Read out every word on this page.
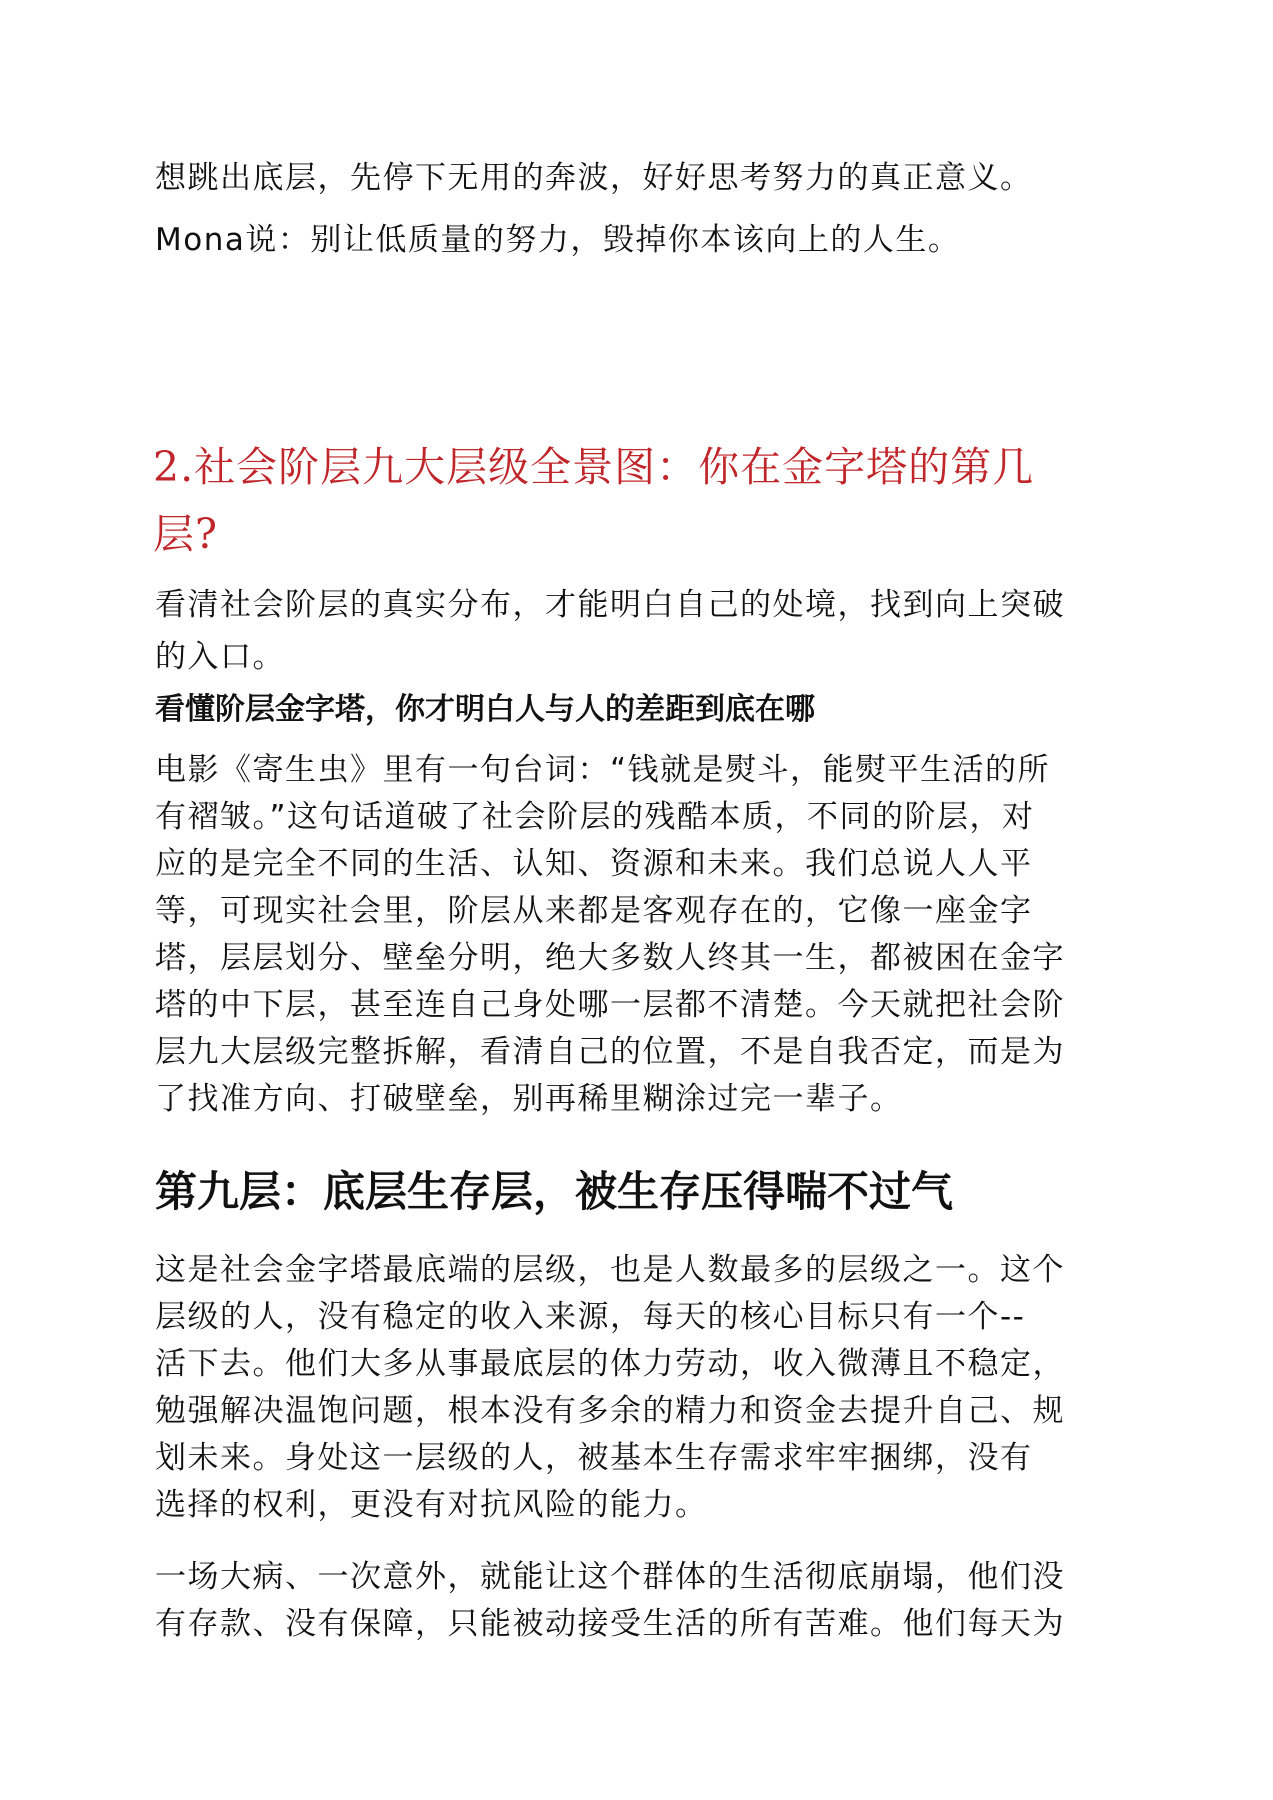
想跳出底层，先停下无用的奔波，好好思考努力的真正意义。
Mona说：别让低质量的努力，毁掉你本该向上的人生。
2.社会阶层九大层级全景图：你在金字塔的第几
层?
看清社会阶层的真实分布，才能明白自己的处境，找到向上突破
的入口。
看懂阶层金字塔，你才明白人与人的差距到底在哪
电影《寄生虫》里有一句台词：“钱就是熨斗，能熨平生活的所
有褶皱。”这句话道破了社会阶层的残酷本质，不同的阶层，对
应的是完全不同的生活、认知、资源和未来。我们总说人人平
等，可现实社会里，阶层从来都是客观存在的，它像一座金字
塔，层层划分、壁垒分明，绝大多数人终其一生，都被困在金字
塔的中下层，甚至连自己身处哪一层都不清楚。今天就把社会阶
层九大层级完整拆解，看清自己的位置，不是自我否定，而是为
了找准方向、打破壁垒，别再稀里糊涂过完一辈子。
第九层：底层生存层，被生存压得喘不过气
这是社会金字塔最底端的层级，也是人数最多的层级之一。这个
层级的人，没有稳定的收入来源，每天的核心目标只有一个--
活下去。他们大多从事最底层的体力劳动，收入微薄且不稳定，
勉强解决温饱问题，根本没有多余的精力和资金去提升自己、规
划未来。身处这一层级的人，被基本生存需求牢牢捆绑，没有
选择的权利，更没有对抗风险的能力。
一场大病、一次意外，就能让这个群体的生活彻底崩塌，他们没
有存款、没有保障，只能被动接受生活的所有苦难。他们每天为
